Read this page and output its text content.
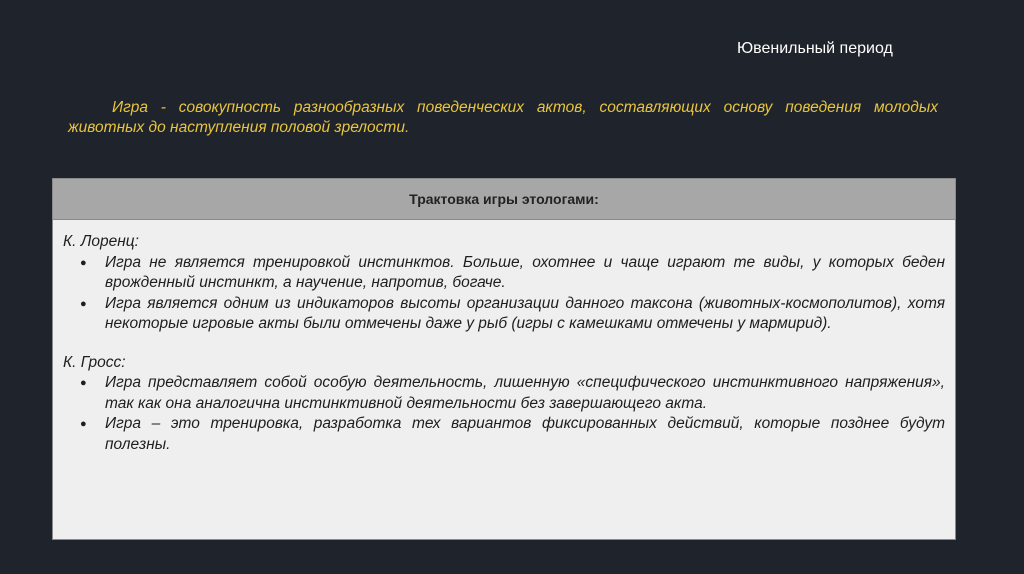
Ювенильный период

Игра - совокупность разнообразных поведенческих актов, составляющих основу поведения молодых животных до наступления половой зрелости.

Трактовка игры этологами:

К. Лоренц:

● Игра не является тренировкой инстинктов. Больше, охотнее и чаще играют те виды, у которых беден врожденный инстинкт, а научение, напротив, богаче.
● Игра является одним из индикаторов высоты организации данного таксона (животных-космополитов), хотя некоторые игровые акты были отмечены даже у рыб (игры с камешками отмечены у мармирид).

К. Гросс:

● Игра представляет собой особую деятельность, лишенную «специфического инстинктивного напряжения», так как она аналогична инстинктивной деятельности без завершающего акта.
● Игра – это тренировка, разработка тех вариантов фиксированных действий, которые позднее будут полезны.
